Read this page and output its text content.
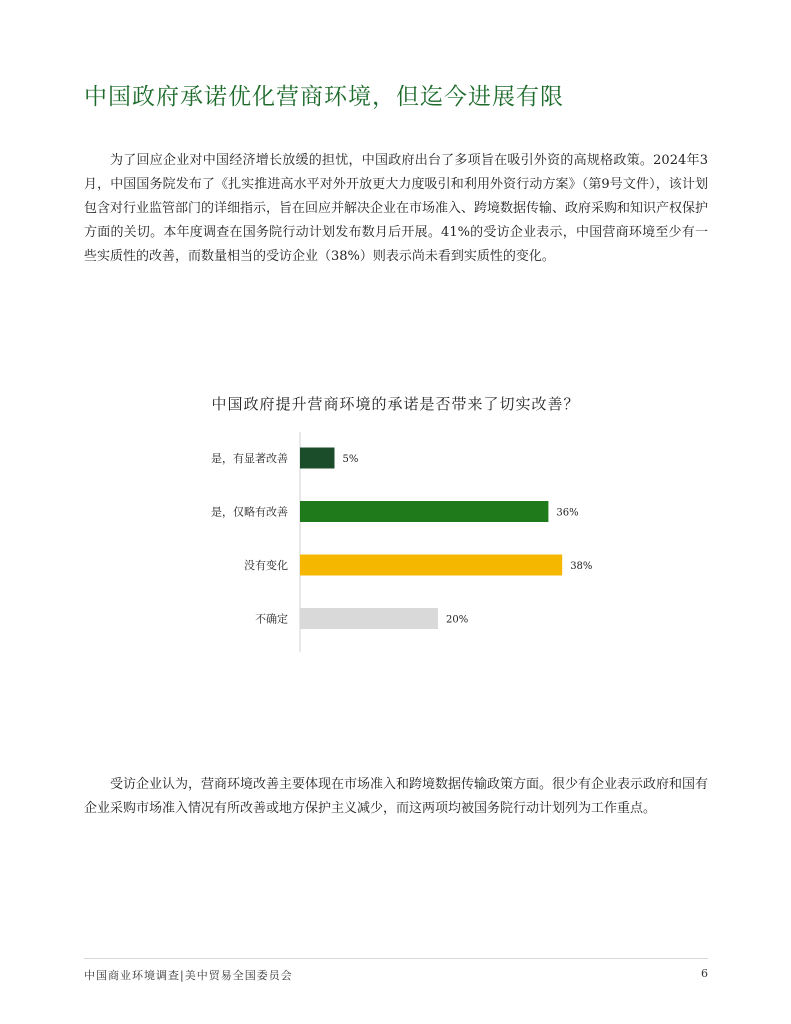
中国政府承诺优化营商环境，但迄今进展有限

为了回应企业对中国经济增长放缓的担忧，中国政府出台了多项旨在吸引外资的高规格政策。2024年3月，中国国务院发布了《扎实推进高水平对外开放更大力度吸引和利用外资行动方案》（第9号文件），该计划包含对行业监管部门的详细指示，旨在回应并解决企业在市场准入、跨境数据传输、政府采购和知识产权保护方面的关切。本年度调查在国务院行动计划发布数月后开展。41%的受访企业表示，中国营商环境至少有一些实质性的改善，而数量相当的受访企业（38%）则表示尚未看到实质性的变化。

中国政府提升营商环境的承诺是否带来了切实改善？
是，有显著改善	5%
是，仅略有改善	36%
没有变化	38%
不确定	20%

受访企业认为，营商环境改善主要体现在市场准入和跨境数据传输政策方面。很少有企业表示政府和国有企业采购市场准入情况有所改善或地方保护主义减少，而这两项均被国务院行动计划列为工作重点。

中国商业环境调查|美中贸易全国委员会	6
